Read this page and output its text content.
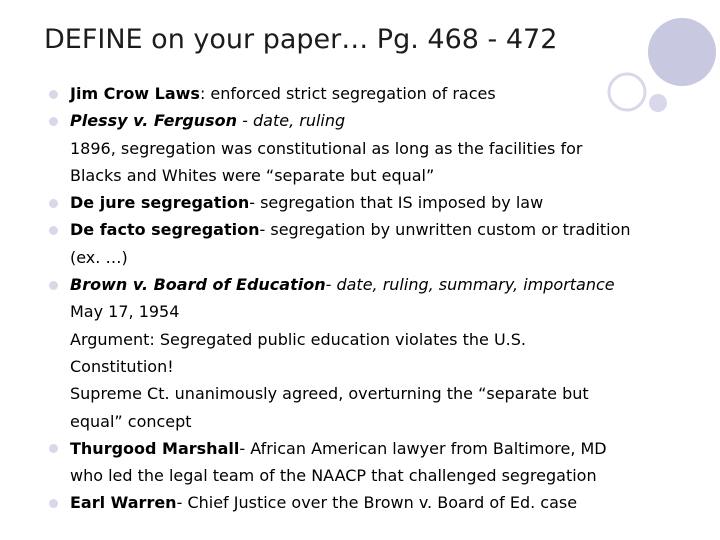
DEFINE on your paper… Pg. 468 - 472
Jim Crow Laws: enforced strict segregation of races
Plessy v. Ferguson - date, ruling
1896, segregation was constitutional as long as the facilities for
Blacks and Whites were “separate but equal”
De jure segregation- segregation that IS imposed by law
De facto segregation- segregation by unwritten custom or tradition
(ex. …)
Brown v. Board of Education- date, ruling, summary, importance
May 17, 1954
Argument: Segregated public education violates the U.S.
Constitution!
Supreme Ct. unanimously agreed, overturning the “separate but
equal” concept
Thurgood Marshall- African American lawyer from Baltimore, MD
who led the legal team of the NAACP that challenged segregation
Earl Warren- Chief Justice over the Brown v. Board of Ed. case
